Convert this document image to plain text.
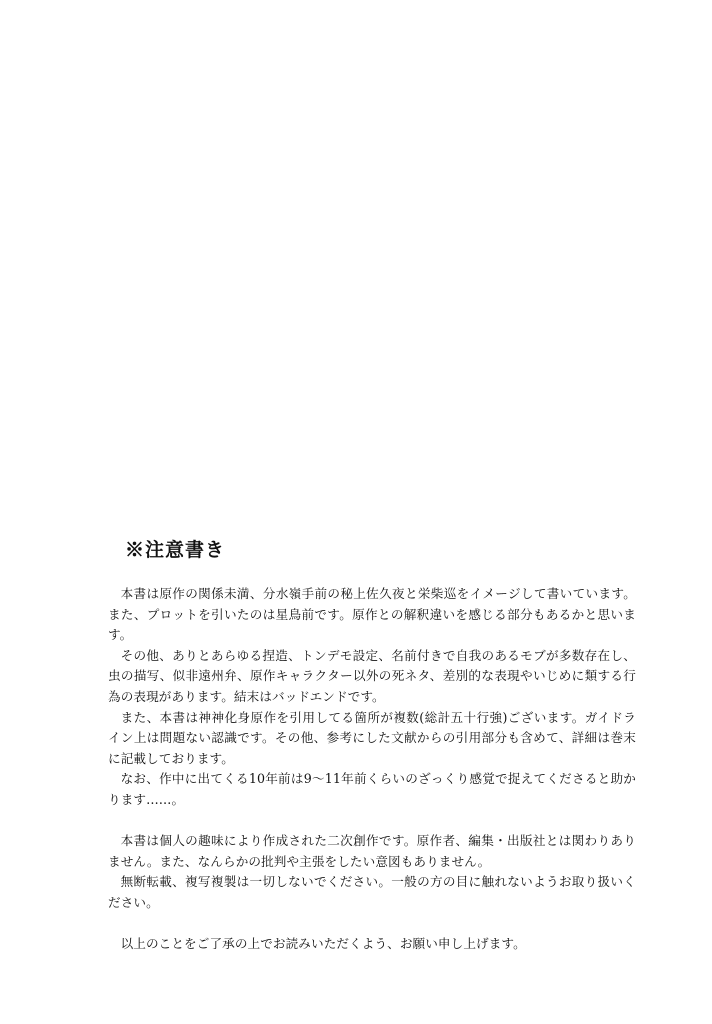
※注意書き

本書は原作の関係未満、分水嶺手前の秘上佐久夜と栄柴巡をイメージして書いています。また、プロットを引いたのは星鳥前です。原作との解釈違いを感じる部分もあるかと思います。

その他、ありとあらゆる捏造、トンデモ設定、名前付きで自我のあるモブが多数存在し、虫の描写、似非遠州弁、原作キャラクター以外の死ネタ、差別的な表現やいじめに類する行為の表現があります。結末はバッドエンドです。

また、本書は神神化身原作を引用してる箇所が複数(総計五十行強)ございます。ガイドライン上は問題ない認識です。その他、参考にした文献からの引用部分も含めて、詳細は巻末に記載しております。

なお、作中に出てくる10年前は9〜11年前くらいのざっくり感覚で捉えてくださると助かります……。

本書は個人の趣味により作成された二次創作です。原作者、編集・出版社とは関わりありません。また、なんらかの批判や主張をしたい意図もありません。

無断転載、複写複製は一切しないでください。一般の方の目に触れないようお取り扱いください。

以上のことをご了承の上でお読みいただくよう、お願い申し上げます。
